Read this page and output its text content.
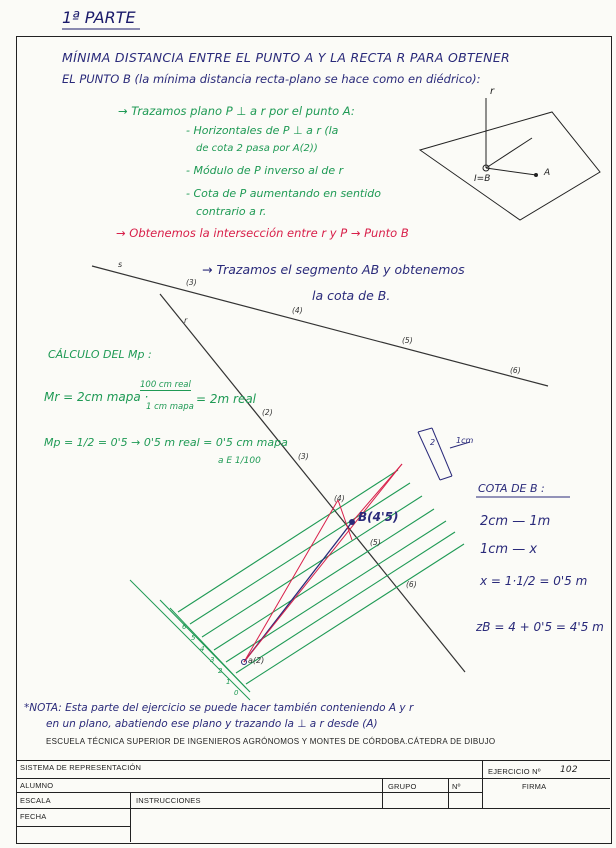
1ª PARTE
MÍNIMA DISTANCIA ENTRE EL PUNTO A Y LA RECTA R PARA OBTENER
EL PUNTO B (la mínima distancia recta-plano se hace como en diédrico):
→ Trazamos plano P ⊥ a r por el punto A:
- Horizontales de P ⊥ a r (la
de cota 2 pasa por A(2))
- Módulo de P inverso al de r
- Cota de P aumentando en sentido
contrario a r.
→ Obtenemos la intersección entre r y P → Punto B
→ Trazamos el segmento AB y obtenemos
la cota de B.
r
I=B
A
s
(3)
(4)
(5)
(6)
r
(2)
(3)
(4)
(5)
(6)
B(4'5)
a(2)
2	1cm
6
5
4
3
2
1
0
CÁLCULO DEL Mp :
Mr = 2cm mapa ·
100 cm real
1 cm mapa
= 2m real
Mp = 1/2 = 0'5 → 0'5 m real = 0'5 cm mapa
a E 1/100
COTA DE B :
2cm — 1m
1cm — x
x = 1·1/2 = 0'5 m
zB = 4 + 0'5 = 4'5 m
*NOTA: Esta parte del ejercicio se puede hacer también conteniendo A y r
en un plano, abatiendo ese plano y trazando la ⊥ a r desde (A)
ESCUELA TÉCNICA SUPERIOR DE INGENIEROS AGRÓNOMOS Y MONTES DE CÓRDOBA.CÁTEDRA DE DIBUJO
SISTEMA DE REPRESENTACIÓN	EJERCICIO Nº 102
ALUMNO	GRUPO	Nº	FIRMA
ESCALA	INSTRUCCIONES
FECHA
